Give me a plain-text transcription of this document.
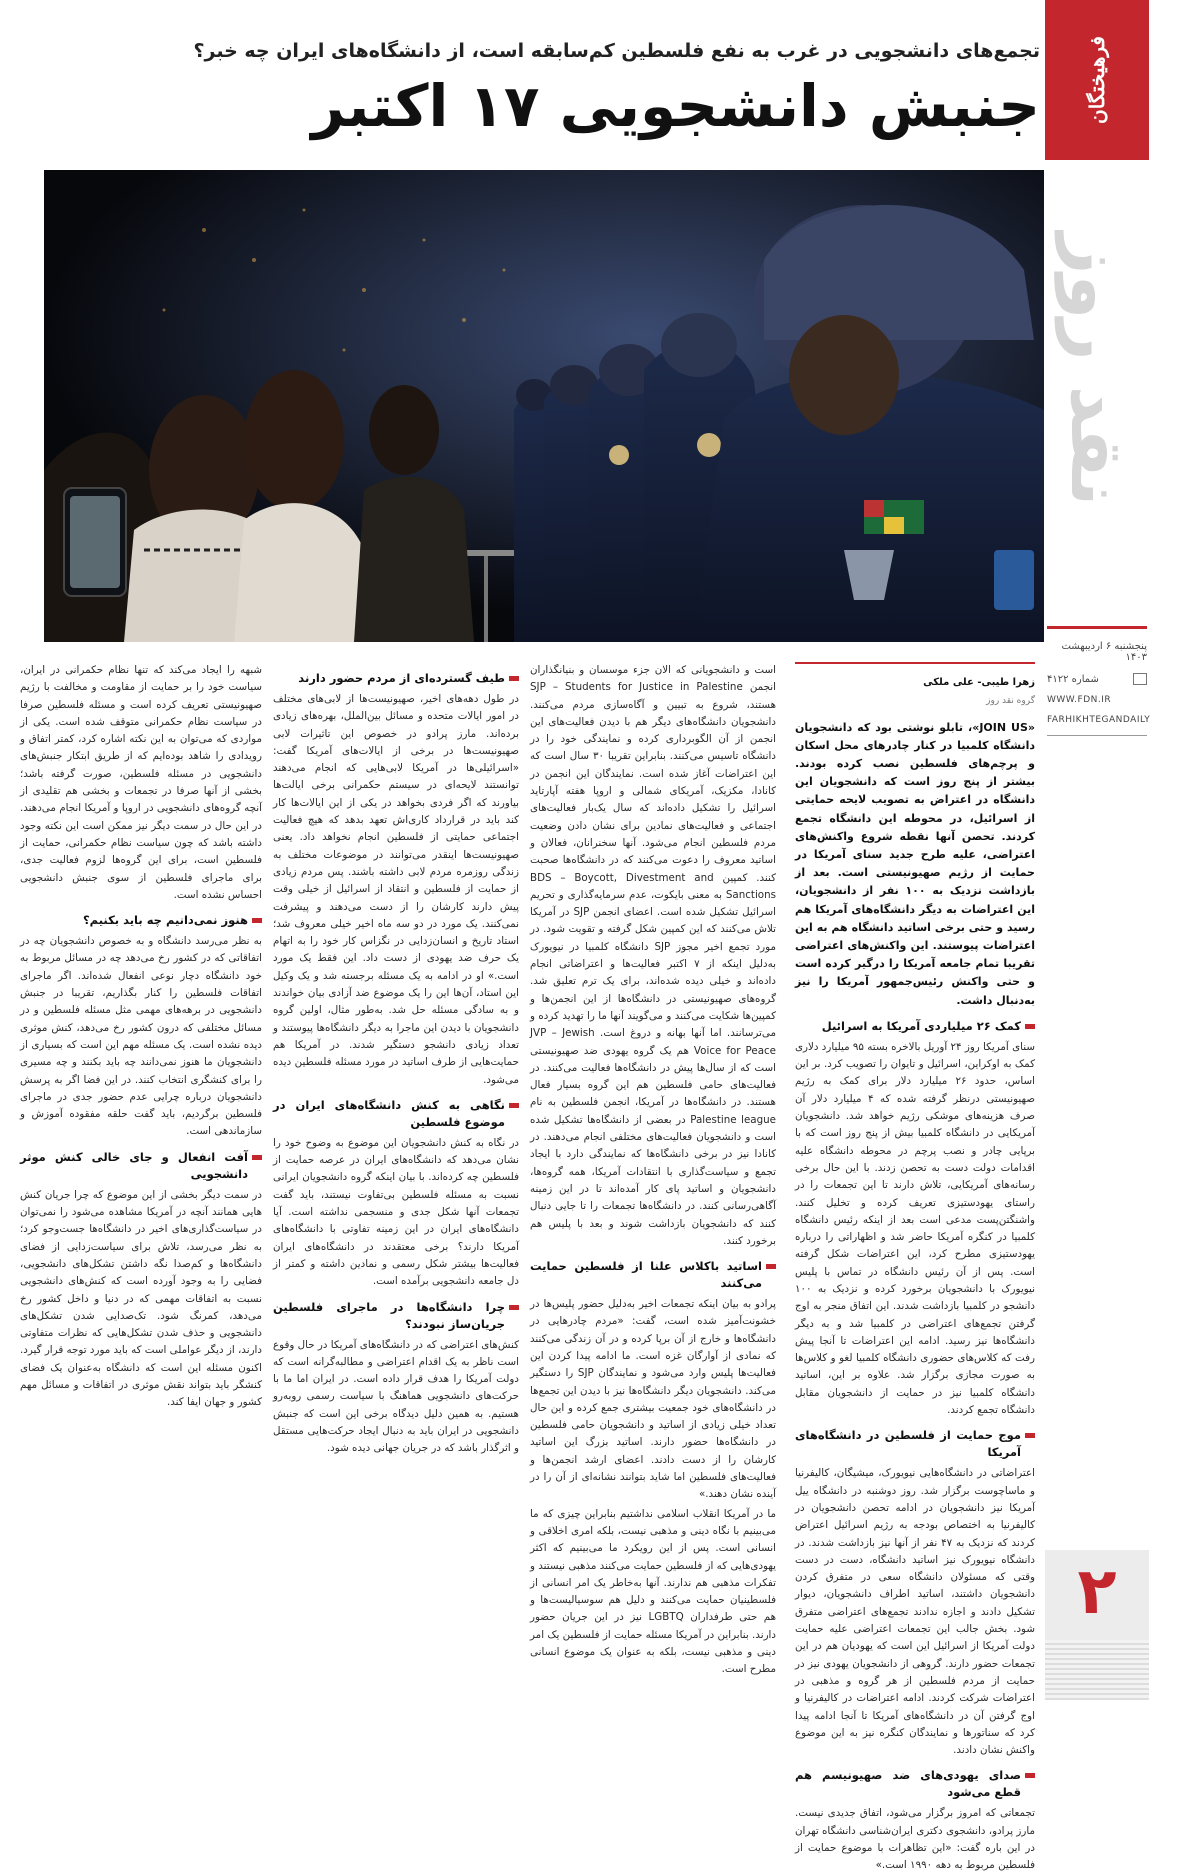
فرهیختگان
نقد روز
پنجشنبه ۶ اردیبهشت ۱۴۰۳
شماره ۴۱۲۲
WWW.FDN.IR
FARHIKHTEGANDAILY
۲
تجمع‌های دانشجویی در غرب به نفع فلسطین کم‌سابقه است، از دانشگاه‌های ایران چه خبر؟
جنبش دانشجویی ۱۷ اکتبر
زهرا طیبی- علی ملکی
گروه نقد روز
«JOIN US»، تابلو نوشتی بود که دانشجویان دانشگاه کلمبیا در کنار چادرهای محل اسکان و پرچم‌های فلسطین نصب کرده بودند. بیشتر از پنج روز است که دانشجویان این دانشگاه در اعتراض به تصویب لایحه حمایتی از اسرائیل، در محوطه این دانشگاه تجمع کردند. تحصن آنها نقطه شروع واکنش‌های اعتراضی، علیه طرح جدید سنای آمریکا در حمایت از رژیم صهیونیستی است. بعد از بازداشت نزدیک به ۱۰۰ نفر از دانشجویان، این اعتراضات به دیگر دانشگاه‌های آمریکا هم رسید و حتی برخی اساتید دانشگاه هم به این اعتراضات پیوستند. این واکنش‌های اعتراضی تقریبا تمام جامعه آمریکا را درگیر کرده است و حتی واکنش رئیس‌جمهور آمریکا را نیز به‌دنبال داشت.
کمک ۲۶ میلیاردی آمریکا به اسرائیل

سنای آمریکا روز ۲۴ آوریل بالاخره بسته ۹۵ میلیارد دلاری کمک به اوکراین، اسرائیل و تایوان را تصویب کرد. بر این اساس، حدود ۲۶ میلیارد دلار برای کمک به رژیم صهیونیستی درنظر گرفته شده که ۴ میلیارد دلار آن صرف هزینه‌های موشکی رژیم خواهد شد. دانشجویان آمریکایی در دانشگاه کلمبیا بیش از پنج روز است که با برپایی چادر و نصب پرچم در محوطه دانشگاه علیه اقدامات دولت دست به تحصن زدند. با این حال برخی رسانه‌های آمریکایی، تلاش دارند تا این تجمعات را در راستای یهودستیزی تعریف کرده و تخلیل کنند. واشنگتن‌پست مدعی است بعد از اینکه رئیس دانشگاه کلمبیا در کنگره آمریکا حاضر شد و اظهاراتی را درباره یهودستیزی مطرح کرد، این اعتراضات شکل گرفته است. پس از آن رئیس دانشگاه در تماس با پلیس نیویورک با دانشجویان برخورد کرده و نزدیک به ۱۰۰ دانشجو در کلمبیا بازداشت شدند. این اتفاق منجر به اوج گرفتن تجمع‌های اعتراضی در کلمبیا شد و به دیگر دانشگاه‌ها نیز رسید. ادامه این اعتراضات تا آنجا پیش رفت که کلاس‌های حضوری دانشگاه کلمبیا لغو و کلاس‌ها به صورت مجازی برگزار شد. علاوه بر این، اساتید دانشگاه کلمبیا نیز در حمایت از دانشجویان مقابل دانشگاه تجمع کردند.

موج حمایت از فلسطین در دانشگاه‌های آمریکا

اعتراضاتی در دانشگاه‌هایی نیویورک، میشیگان، کالیفرنیا و ماساچوست برگزار شد. روز دوشنبه در دانشگاه ییل آمریکا نیز دانشجویان در ادامه تحصن دانشجویان در کالیفرنیا به اختصاص بودجه به رژیم اسرائیل اعتراض کردند که نزدیک به ۴۷ نفر از آنها نیز بازداشت شدند. در دانشگاه نیویورک نیز اساتید دانشگاه، دست در دست وقتی که مسئولان دانشگاه سعی در متفرق کردن دانشجویان داشتند، اساتید اطراف دانشجویان، دیوار تشکیل دادند و اجازه ندادند تجمع‌های اعتراضی متفرق شود. بخش جالب این تجمعات اعتراضی علیه حمایت دولت آمریکا از اسرائیل این است که یهودیان هم در این تجمعات حضور دارند. گروهی از دانشجویان یهودی نیز در حمایت از مردم فلسطین از هر گروه و مذهبی در اعتراضات شرکت کردند. ادامه اعتراضات در کالیفرنیا و اوج گرفتن آن در دانشگاه‌های آمریکا تا آنجا ادامه پیدا کرد که سناتورها و نمایندگان کنگره نیز به این موضوع واکنش نشان دادند.

صدای یهودی‌های ضد صهیونیسم هم قطع می‌شود

تجمعاتی که امروز برگزار می‌شود، اتفاق جدیدی نیست. مارز پرادو، دانشجوی دکتری ایران‌شناسی دانشگاه تهران در این باره گفت: «این تظاهرات با موضوع حمایت از فلسطین مربوط به دهه ۱۹۹۰ است.»

است و دانشجویانی که الان جزء موسسان و بنیانگذاران انجمن SJP – Students for Justice in Palestine هستند، شروع به تبیین و آگاه‌سازی مردم می‌کنند. دانشجویان دانشگاه‌های دیگر هم با دیدن فعالیت‌های این انجمن از آن الگوبرداری کرده و نمایندگی خود را در دانشگاه تاسیس می‌کنند. بنابراین تقریبا ۳۰ سال است که این اعتراضات آغاز شده است. نمایندگان این انجمن در کانادا، مکزیک، آمریکای شمالی و اروپا هفته آپارتاید اسرائیل را تشکیل داده‌اند که سال یک‌بار فعالیت‌های اجتماعی و فعالیت‌های نمادین برای نشان دادن وضعیت مردم فلسطین انجام می‌شود. آنها سخنرانان، فعالان و اساتید معروف را دعوت می‌کنند که در دانشگاه‌ها صحبت کنند. کمپین BDS – Boycott, Divestment and Sanctions به معنی بایکوت، عدم سرمایه‌گذاری و تحریم اسرائیل تشکیل شده است. اعضای انجمن SJP در آمریکا تلاش می‌کنند که این کمپین شکل گرفته و تقویت شود. در مورد تجمع اخیر مجوز SJP دانشگاه کلمبیا در نیویورک به‌دلیل اینکه از ۷ اکتبر فعالیت‌ها و اعتراضاتی انجام داده‌اند و خیلی دیده شده‌اند، برای یک ترم تعلیق شد. گروه‌های صهیونیستی در دانشگاه‌ها از این انجمن‌ها و کمپین‌ها شکایت می‌کنند و می‌گویند آنها ما را تهدید کرده و می‌ترسانند. اما آنها بهانه و دروغ است. JVP – Jewish Voice for Peace هم یک گروه یهودی ضد صهیونیستی است که از سال‌ها پیش در دانشگاه‌ها فعالیت می‌کنند. در فعالیت‌های حامی فلسطین هم این گروه بسیار فعال هستند. در دانشگاه‌ها در آمریکا، انجمن فلسطین به نام Palestine league در بعضی از دانشگاه‌ها تشکیل شده است و دانشجویان فعالیت‌های مختلفی انجام می‌دهند. در کانادا نیز در برخی دانشگاه‌ها که نمایندگی دارد با ایجاد تجمع و سیاست‌گذاری با انتقادات آمریکا، همه گروه‌ها، دانشجویان و اساتید پای کار آمده‌اند تا در این زمینه آگاهی‌رسانی کنند. در دانشگاه‌ها تجمعات را تا جایی دنبال کنند که دانشجویان بازداشت شوند و بعد با پلیس هم برخورد کنند.

اساتید باکلاس علنا از فلسطین حمایت می‌کنند

پرادو به بیان اینکه تجمعات اخیر به‌دلیل حضور پلیس‌ها در خشونت‌آمیز شده است، گفت: «مردم چادرهایی در دانشگاه‌ها و خارج از آن برپا کرده و در آن زندگی می‌کنند که نمادی از آوارگان غزه است. ما ادامه پیدا کردن این فعالیت‌ها پلیس وارد می‌شود و نمایندگان SJP را دستگیر می‌کند. دانشجویان دیگر دانشگاه‌ها نیز با دیدن این تجمع‌ها در دانشگاه‌های خود جمعیت بیشتری جمع کرده و این حال تعداد خیلی زیادی از اساتید و دانشجویان حامی فلسطین در دانشگاه‌ها حضور دارند. اساتید بزرگ این اساتید کارشان را از دست دادند. اعضای ارشد انجمن‌ها و فعالیت‌های فلسطین اما شاید بتوانند نشانه‌ای از آن را در آینده نشان دهند.»

ما در آمریکا انقلاب اسلامی نداشتیم بنابراین چیزی که ما می‌بینیم با نگاه دینی و مذهبی نیست، بلکه امری اخلاقی و انسانی است. پس از این رویکرد ما می‌بینیم که اکثر یهودی‌هایی که از فلسطین حمایت می‌کنند مذهبی نیستند و تفکرات مذهبی هم ندارند. آنها به‌خاطر یک امر انسانی از فلسطینیان حمایت می‌کنند و دلیل هم سوسیالیست‌ها و هم حتی طرفداران LGBTQ نیز در این جریان حضور دارند. بنابراین در آمریکا مسئله حمایت از فلسطین یک امر دینی و مذهبی نیست، بلکه به عنوان یک موضوع انسانی مطرح است.

طیف گسترده‌ای از مردم حضور دارند

در طول دهه‌های اخیر، صهیونیست‌ها از لابی‌های مختلف در امور ایالات متحده و مسائل بین‌الملل، بهره‌های زیادی برده‌اند. مارز پرادو در خصوص این تاثیرات لابی صهیونیست‌ها در برخی از ایالات‌های آمریکا گفت: «اسرائیلی‌ها در آمریکا لابی‌هایی که انجام می‌دهند توانستند لایحه‌ای در سیستم حکمرانی برخی ایالت‌ها بیاورند که اگر فردی بخواهد در یکی از این ایالات‌ها کار کند باید در قرارداد کاری‌اش تعهد بدهد که هیچ فعالیت اجتماعی حمایتی از فلسطین انجام نخواهد داد. یعنی صهیونیست‌ها اینقدر می‌توانند در موضوعات مختلف به زندگی روزمره مردم لابی داشته باشند. پس مردم زیادی از حمایت از فلسطین و انتقاد از اسرائیل از خیلی وقت پیش دارند کارشان را از دست می‌دهند و پیشرفت نمی‌کنند. یک مورد در دو سه ماه اخیر خیلی معروف شد؛ استاد تاریخ و انسان‌زدایی در نگزاس کار خود را به اتهام یک حرف ضد یهودی از دست داد. این فقط یک مورد است.» او در ادامه به یک مسئله برجسته شد و یک وکیل این استاد، آن‌ها این را یک موضوع ضد آزادی بیان خواندند و به سادگی مسئله حل شد. به‌طور مثال، اولین گروه دانشجویان با دیدن این ماجرا به دیگر دانشگاه‌ها پیوستند و تعداد زیادی دانشجو دستگیر شدند. در آمریکا هم حمایت‌هایی از طرف اساتید در مورد مسئله فلسطین دیده می‌شود.

نگاهی به کنش دانشگاه‌های ایران در موضوع فلسطین

در نگاه به کنش دانشجویان این موضوع به وضوح خود را نشان می‌دهد که دانشگاه‌های ایران در عرصه حمایت از فلسطین چه کرده‌اند. با بیان اینکه گروه دانشجویان ایرانی نسبت به مسئله فلسطین بی‌تفاوت نیستند، باید گفت تجمعات آنها شکل جدی و منسجمی نداشته است. آیا دانشگاه‌های ایران در این زمینه تفاوتی با دانشگاه‌های آمریکا دارند؟ برخی معتقدند در دانشگاه‌های ایران فعالیت‌ها بیشتر شکل رسمی و نمادین داشته و کمتر از دل جامعه دانشجویی برآمده است.

چرا دانشگاه‌ها در ماجرای فلسطین جریان‌ساز نبودند؟

کنش‌های اعتراضی که در دانشگاه‌های آمریکا در حال وقوع است ناظر به یک اقدام اعتراضی و مطالبه‌گرانه است که دولت آمریکا را هدف قرار داده است. در ایران اما ما با حرکت‌های دانشجویی هماهنگ با سیاست رسمی روبه‌رو هستیم. به همین دلیل دیدگاه برخی این است که جنبش دانشجویی در ایران باید به دنبال ایجاد حرکت‌هایی مستقل و اثرگذار باشد که در جریان جهانی دیده شود.

شبهه را ایجاد می‌کند که تنها نظام حکمرانی در ایران، سیاست خود را بر حمایت از مقاومت و مخالفت با رژیم صهیونیستی تعریف کرده است و مسئله فلسطین صرفا در سیاست نظام حکمرانی متوقف شده است. یکی از مواردی که می‌توان به این نکته اشاره کرد، کمتر اتفاق و رویدادی را شاهد بوده‌ایم که از طریق ابتکار جنبش‌های دانشجویی در مسئله فلسطین، صورت گرفته باشد؛ بخشی از آنها صرفا در تجمعات و بخشی هم تقلیدی از آنچه گروه‌های دانشجویی در اروپا و آمریکا انجام می‌دهند. در این حال در سمت دیگر نیز ممکن است این نکته وجود داشته باشد که چون سیاست نظام حکمرانی، حمایت از فلسطین است، برای این گروه‌ها لزوم فعالیت جدی، برای ماجرای فلسطین از سوی جنبش دانشجویی احساس نشده است.

هنوز نمی‌دانیم چه باید بکنیم؟

به نظر می‌رسد دانشگاه و به خصوص دانشجویان چه در اتفاقاتی که در کشور رخ می‌دهد چه در مسائل مربوط به خود دانشگاه دچار نوعی انفعال شده‌اند. اگر ماجرای اتفاقات فلسطین را کنار بگذاریم، تقریبا در جنبش دانشجویی در برهه‌های مهمی مثل مسئله فلسطین و در مسائل مختلفی که درون کشور رخ می‌دهد، کنش موثری دیده نشده است. یک مسئله مهم این است که بسیاری از دانشجویان ما هنوز نمی‌دانند چه باید بکنند و چه مسیری را برای کنشگری انتخاب کنند. در این فضا اگر به پرسش دانشجویان درباره چرایی عدم حضور جدی در ماجرای فلسطین برگردیم، باید گفت حلقه مفقوده آموزش و سازماندهی است.

آفت انفعال و جای خالی کنش موثر دانشجویی

در سمت دیگر بخشی از این موضوع که چرا جریان کنش هایی همانند آنچه در آمریکا مشاهده می‌شود را نمی‌توان در سیاست‌گذاری‌های اخیر در دانشگاه‌ها جست‌وجو کرد؛ به نظر می‌رسد، تلاش برای سیاست‌زدایی از فضای دانشگاه‌ها و کم‌صدا نگه داشتن تشکل‌های دانشجویی، فضایی را به وجود آورده است که کنش‌های دانشجویی نسبت به اتفاقات مهمی که در دنیا و داخل کشور رخ می‌دهد، کمرنگ شود. تک‌صدایی شدن تشکل‌های دانشجویی و حذف شدن تشکل‌هایی که نظرات متفاوتی دارند، از دیگر عواملی است که باید مورد توجه قرار گیرد. اکنون مسئله این است که دانشگاه به‌عنوان یک فضای کنشگر باید بتواند نقش موثری در اتفاقات و مسائل مهم کشور و جهان ایفا کند.
